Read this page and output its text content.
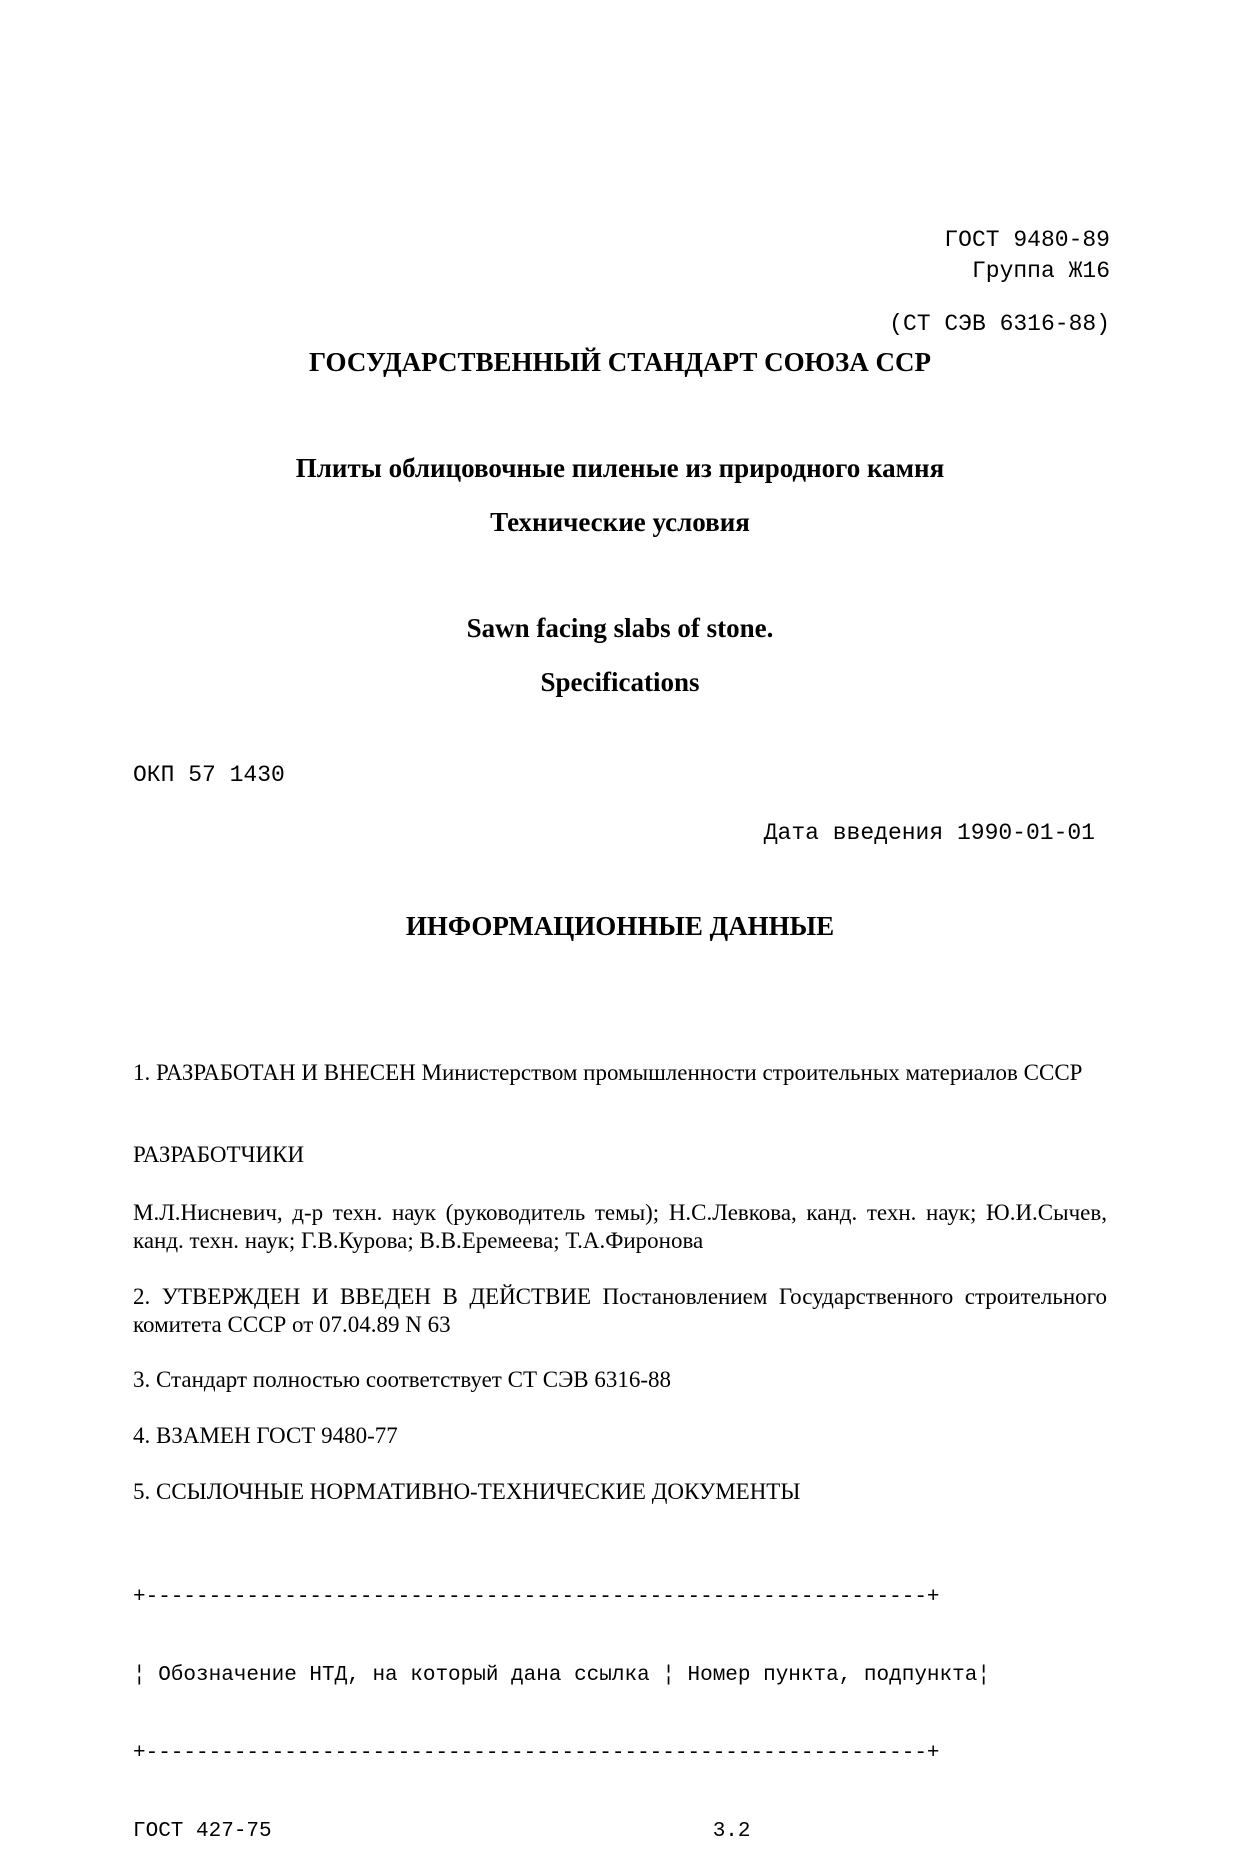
ГОСТ 9480-89

(СТ СЭВ 6316-88)

Группа Ж16
ГОСУДАРСТВЕННЫЙ СТАНДАРТ СОЮЗА ССР
Плиты облицовочные пиленые из природного камня
Технические условия
Sawn facing slabs of stone.
Specifications
ОКП 57 1430
Дата введения 1990-01-01
ИНФОРМАЦИОННЫЕ ДАННЫЕ
1. РАЗРАБОТАН И ВНЕСЕН Министерством промышленности строительных материалов СССР
РАЗРАБОТЧИКИ
М.Л.Нисневич, д-р техн. наук (руководитель темы); Н.С.Левкова, канд. техн. наук; Ю.И.Сычев, канд. техн. наук; Г.В.Курова; В.В.Еремеева; Т.А.Фиронова
2. УТВЕРЖДЕН И ВВЕДЕН В ДЕЙСТВИЕ Постановлением Государственного строительного комитета СССР от 07.04.89 N 63
3. Стандарт полностью соответствует СТ СЭВ 6316-88
4. ВЗАМЕН ГОСТ 9480-77
5. ССЫЛОЧНЫЕ НОРМАТИВНО-ТЕХНИЧЕСКИЕ ДОКУМЕНТЫ

+--------------------------------------------------------------+

¦ Обозначение НТД, на который дана ссылка ¦ Номер пункта, подпункта¦

+--------------------------------------------------------------+

ГОСТ 427-75                                   3.2
